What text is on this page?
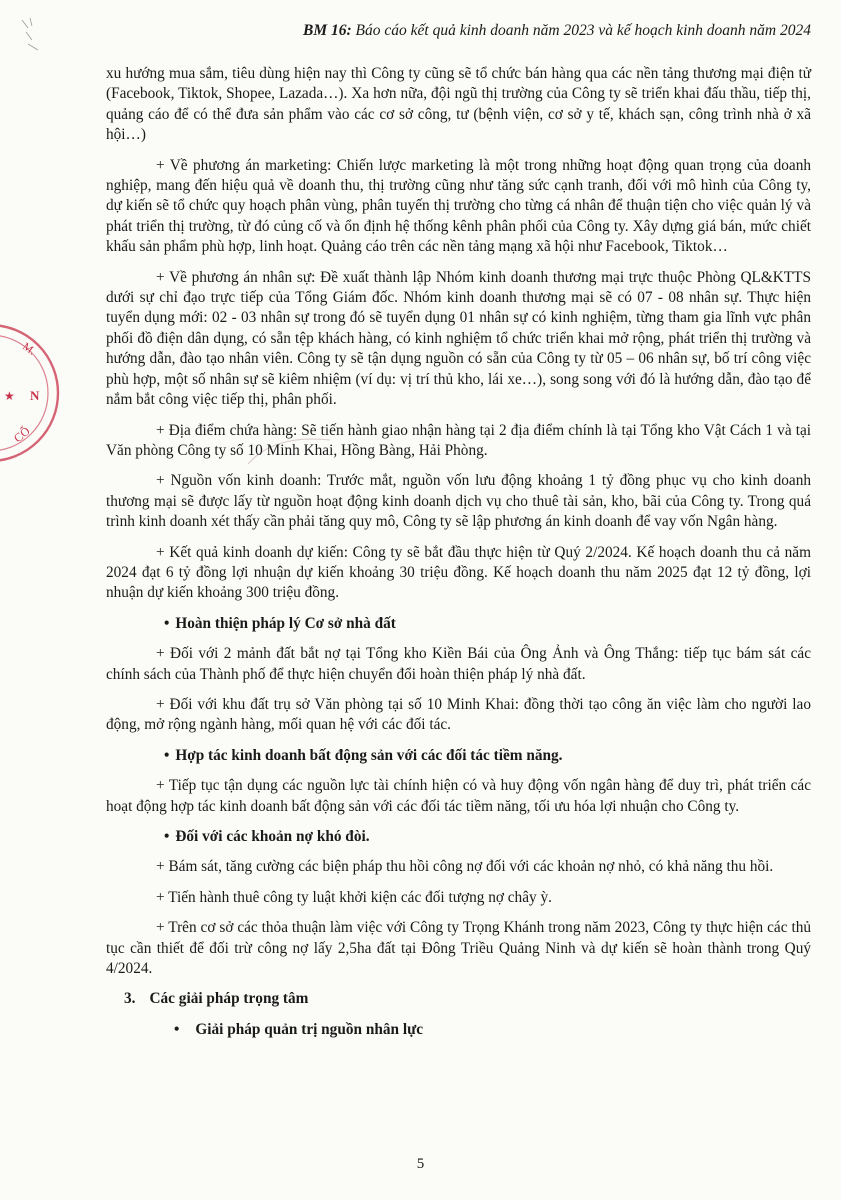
BM 16: Báo cáo kết quả kinh doanh năm 2023 và kế hoạch kinh doanh năm 2024
M.
N
CỔ
★

xu hướng mua sắm, tiêu dùng hiện nay thì Công ty cũng sẽ tổ chức bán hàng qua các nền tảng thương mại điện tử (Facebook, Tiktok, Shopee, Lazada…). Xa hơn nữa, đội ngũ thị trường của Công ty sẽ triển khai đấu thầu, tiếp thị, quảng cáo để có thể đưa sản phẩm vào các cơ sở công, tư (bệnh viện, cơ sở y tế, khách sạn, công trình nhà ở xã hội…)

+ Về phương án marketing: Chiến lược marketing là một trong những hoạt động quan trọng của doanh nghiệp, mang đến hiệu quả về doanh thu, thị trường cũng như tăng sức cạnh tranh, đối với mô hình của Công ty, dự kiến sẽ tổ chức quy hoạch phân vùng, phân tuyến thị trường cho từng cá nhân để thuận tiện cho việc quản lý và phát triển thị trường, từ đó củng cố và ổn định hệ thống kênh phân phối của Công ty. Xây dựng giá bán, mức chiết khấu sản phẩm phù hợp, linh hoạt. Quảng cáo trên các nền tảng mạng xã hội như Facebook, Tiktok…

+ Về phương án nhân sự: Đề xuất thành lập Nhóm kinh doanh thương mại trực thuộc Phòng QL&KTTS dưới sự chỉ đạo trực tiếp của Tổng Giám đốc. Nhóm kinh doanh thương mại sẽ có 07 - 08 nhân sự. Thực hiện tuyển dụng mới: 02 - 03 nhân sự trong đó sẽ tuyển dụng 01 nhân sự có kinh nghiệm, từng tham gia lĩnh vực phân phối đồ điện dân dụng, có sẵn tệp khách hàng, có kinh nghiệm tổ chức triển khai mở rộng, phát triển thị trường và hướng dẫn, đào tạo nhân viên. Công ty sẽ tận dụng nguồn có sẵn của Công ty từ 05 – 06 nhân sự, bố trí công việc phù hợp, một số nhân sự sẽ kiêm nhiệm (ví dụ: vị trí thủ kho, lái xe…), song song với đó là hướng dẫn, đào tạo để nắm bắt công việc tiếp thị, phân phối.

+ Địa điểm chứa hàng: Sẽ tiến hành giao nhận hàng tại 2 địa điểm chính là tại Tổng kho Vật Cách 1 và tại Văn phòng Công ty số 10 Minh Khai, Hồng Bàng, Hải Phòng.

+ Nguồn vốn kinh doanh: Trước mắt, nguồn vốn lưu động khoảng 1 tỷ đồng phục vụ cho kinh doanh thương mại sẽ được lấy từ nguồn hoạt động kinh doanh dịch vụ cho thuê tài sản, kho, bãi của Công ty. Trong quá trình kinh doanh xét thấy cần phải tăng quy mô, Công ty sẽ lập phương án kinh doanh để vay vốn Ngân hàng.

+ Kết quả kinh doanh dự kiến: Công ty sẽ bắt đầu thực hiện từ Quý 2/2024. Kế hoạch doanh thu cả năm 2024 đạt 6 tỷ đồng lợi nhuận dự kiến khoảng 30 triệu đồng. Kế hoạch doanh thu năm 2025 đạt 12 tỷ đồng, lợi nhuận dự kiến khoảng 300 triệu đồng.

• Hoàn thiện pháp lý Cơ sở nhà đất

+ Đối với 2 mảnh đất bắt nợ tại Tổng kho Kiền Bái của Ông Ảnh và Ông Thắng: tiếp tục bám sát các chính sách của Thành phố để thực hiện chuyển đổi hoàn thiện pháp lý nhà đất.

+ Đối với khu đất trụ sở Văn phòng tại số 10 Minh Khai: đồng thời tạo công ăn việc làm cho người lao động, mở rộng ngành hàng, mối quan hệ với các đối tác.

• Hợp tác kinh doanh bất động sản với các đối tác tiềm năng.

+ Tiếp tục tận dụng các nguồn lực tài chính hiện có và huy động vốn ngân hàng để duy trì, phát triển các hoạt động hợp tác kinh doanh bất động sản với các đối tác tiềm năng, tối ưu hóa lợi nhuận cho Công ty.

• Đối với các khoản nợ khó đòi.

+ Bám sát, tăng cường các biện pháp thu hồi công nợ đối với các khoản nợ nhỏ, có khả năng thu hồi.

+ Tiến hành thuê công ty luật khởi kiện các đối tượng nợ chây ỳ.

+ Trên cơ sở các thỏa thuận làm việc với Công ty Trọng Khánh trong năm 2023, Công ty thực hiện các thủ tục cần thiết để đối trừ công nợ lấy 2,5ha đất tại Đông Triều Quảng Ninh và dự kiến sẽ hoàn thành trong Quý 4/2024.

3. Các giải pháp trọng tâm
• Giải pháp quản trị nguồn nhân lực
5
